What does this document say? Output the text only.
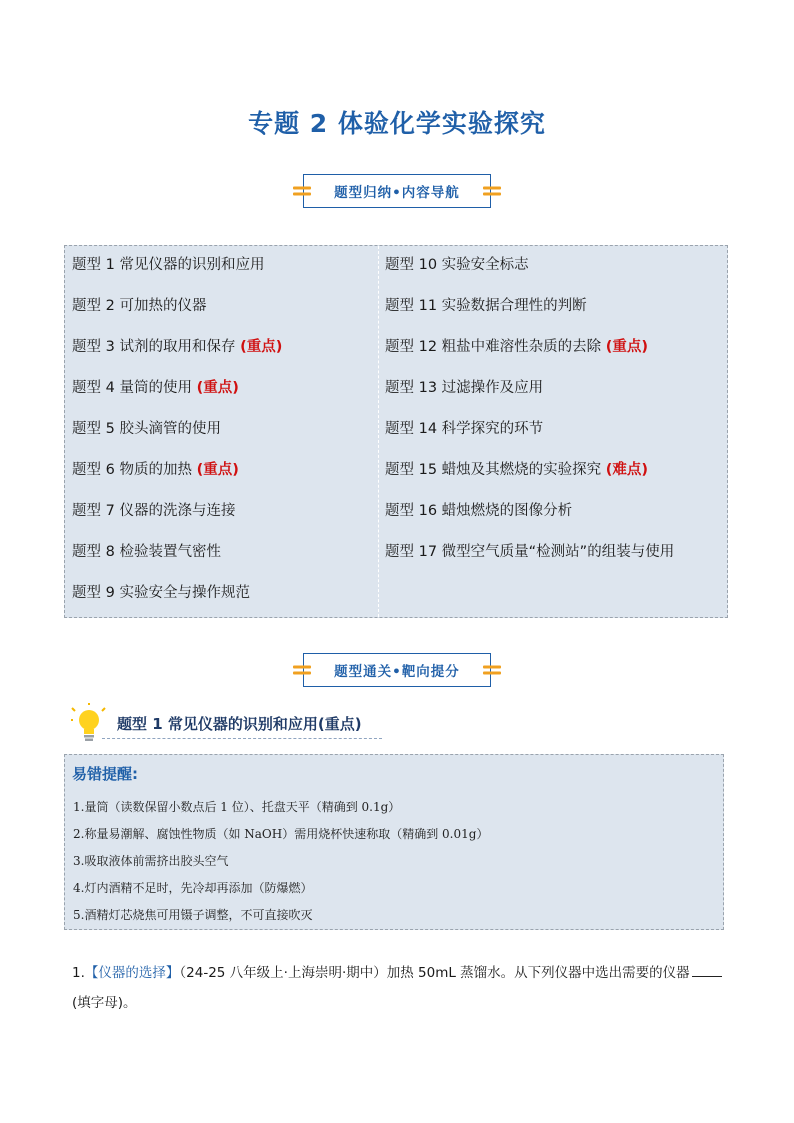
专题 2 体验化学实验探究
题型归纳•内容导航
题型 1 常见仪器的识别和应用
题型 2 可加热的仪器
题型 3 试剂的取用和保存 (重点)
题型 4 量筒的使用 (重点)
题型 5 胶头滴管的使用
题型 6 物质的加热 (重点)
题型 7 仪器的洗涤与连接
题型 8 检验装置气密性
题型 9 实验安全与操作规范
题型 10 实验安全标志
题型 11 实验数据合理性的判断
题型 12 粗盐中难溶性杂质的去除 (重点)
题型 13 过滤操作及应用
题型 14 科学探究的环节
题型 15 蜡烛及其燃烧的实验探究 (难点)
题型 16 蜡烛燃烧的图像分析
题型 17 微型空气质量“检测站”的组装与使用
题型通关•靶向提分
题型 1 常见仪器的识别和应用(重点)
易错提醒:
1.量筒（读数保留小数点后 1 位）、托盘天平（精确到 0.1g）
2.称量易潮解、腐蚀性物质（如 NaOH）需用烧杯快速称取（精确到 0.01g）
3.吸取液体前需挤出胶头空气
4.灯内酒精不足时，先冷却再添加（防爆燃）
5.酒精灯芯烧焦可用镊子调整，不可直接吹灭
1.【仪器的选择】（24-25 八年级上·上海崇明·期中）加热 50mL 蒸馏水。从下列仪器中选出需要的仪器
(填字母)。
